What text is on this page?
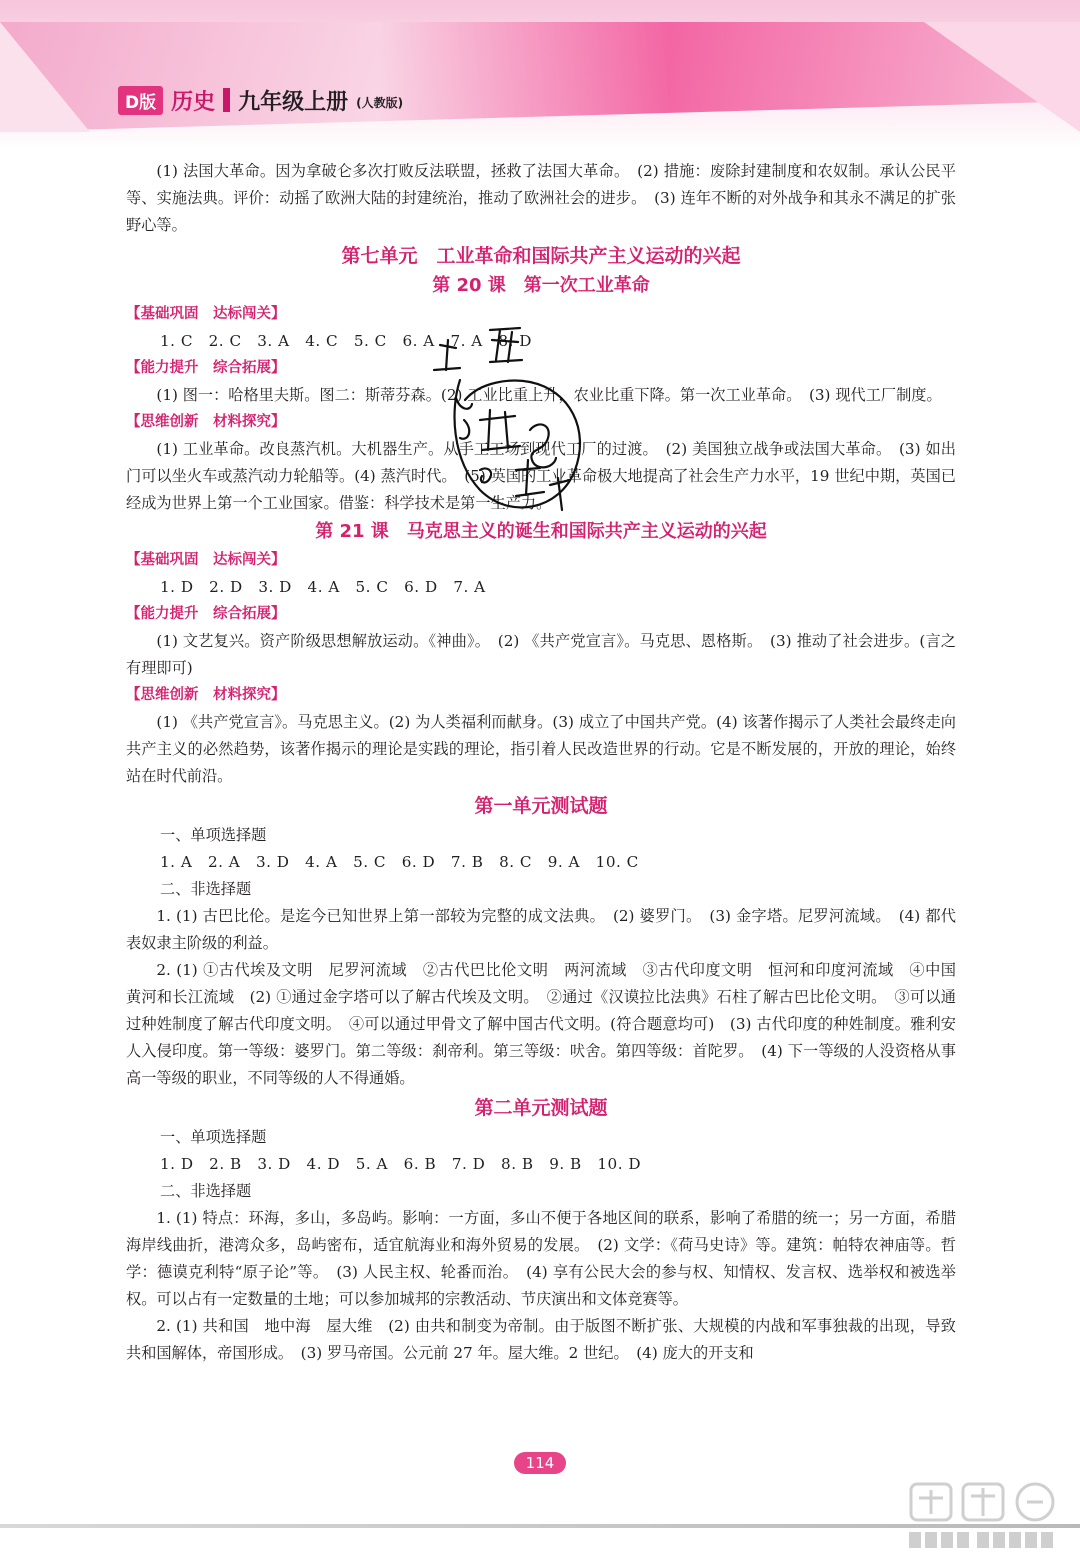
D版 历史 九年级上册 (人教版)

(1) 法国大革命。因为拿破仑多次打败反法联盟，拯救了法国大革命。　(2) 措施：废除封建制度和农奴制。承认公民平等、实施法典。评价：动摇了欧洲大陆的封建统治，推动了欧洲社会的进步。　(3) 连年不断的对外战争和其永不满足的扩张野心等。

第七单元　工业革命和国际共产主义运动的兴起
第 20 课　第一次工业革命
【基础巩固　达标闯关】
1. C　2. C　3. A　4. C　5. C　6. A　7. A　8. D
【能力提升　综合拓展】

(1) 图一：哈格里夫斯。图二：斯蒂芬森。(2) 工业比重上升，农业比重下降。第一次工业革命。　(3) 现代工厂制度。

【思维创新　材料探究】

(1) 工业革命。改良蒸汽机。大机器生产。从手工工场到现代工厂的过渡。　(2) 美国独立战争或法国大革命。　(3) 如出门可以坐火车或蒸汽动力轮船等。(4) 蒸汽时代。　(5) 英国的工业革命极大地提高了社会生产力水平，19 世纪中期，英国已经成为世界上第一个工业国家。借鉴：科学技术是第一生产力。

第 21 课　马克思主义的诞生和国际共产主义运动的兴起
【基础巩固　达标闯关】
1. D　2. D　3. D　4. A　5. C　6. D　7. A
【能力提升　综合拓展】

(1) 文艺复兴。资产阶级思想解放运动。《神曲》。　(2) 《共产党宣言》。马克思、恩格斯。　(3) 推动了社会进步。(言之有理即可)

【思维创新　材料探究】

(1) 《共产党宣言》。马克思主义。(2) 为人类福利而献身。(3) 成立了中国共产党。(4) 该著作揭示了人类社会最终走向共产主义的必然趋势，该著作揭示的理论是实践的理论，指引着人民改造世界的行动。它是不断发展的，开放的理论，始终站在时代前沿。

第一单元测试题
一、单项选择题
1. A　2. A　3. D　4. A　5. C　6. D　7. B　8. C　9. A　10. C
二、非选择题

1. (1) 古巴比伦。是迄今已知世界上第一部较为完整的成文法典。　(2) 婆罗门。　(3) 金字塔。尼罗河流域。　(4) 都代表奴隶主阶级的利益。

2. (1) ①古代埃及文明　尼罗河流域　②古代巴比伦文明　两河流域　③古代印度文明　恒河和印度河流域　④中国　黄河和长江流域　(2) ①通过金字塔可以了解古代埃及文明。　②通过《汉谟拉比法典》石柱了解古巴比伦文明。　③可以通过种姓制度了解古代印度文明。　④可以通过甲骨文了解中国古代文明。(符合题意均可)　(3) 古代印度的种姓制度。雅利安人入侵印度。第一等级：婆罗门。第二等级：刹帝利。第三等级：吠舍。第四等级：首陀罗。　(4) 下一等级的人没资格从事高一等级的职业，不同等级的人不得通婚。

第二单元测试题
一、单项选择题
1. D　2. B　3. D　4. D　5. A　6. B　7. D　8. B　9. B　10. D
二、非选择题

1. (1) 特点：环海，多山，多岛屿。影响：一方面，多山不便于各地区间的联系，影响了希腊的统一；另一方面，希腊海岸线曲折，港湾众多，岛屿密布，适宜航海业和海外贸易的发展。　(2) 文学：《荷马史诗》等。建筑：帕特农神庙等。哲学：德谟克利特“原子论”等。　(3) 人民主权、轮番而治。　(4) 享有公民大会的参与权、知情权、发言权、选举权和被选举权。可以占有一定数量的土地；可以参加城邦的宗教活动、节庆演出和文体竞赛等。

2. (1) 共和国　地中海　屋大维　(2) 由共和制变为帝制。由于版图不断扩张、大规模的内战和军事独裁的出现，导致共和国解体，帝国形成。　(3) 罗马帝国。公元前 27 年。屋大维。2 世纪。　(4) 庞大的开支和

114
